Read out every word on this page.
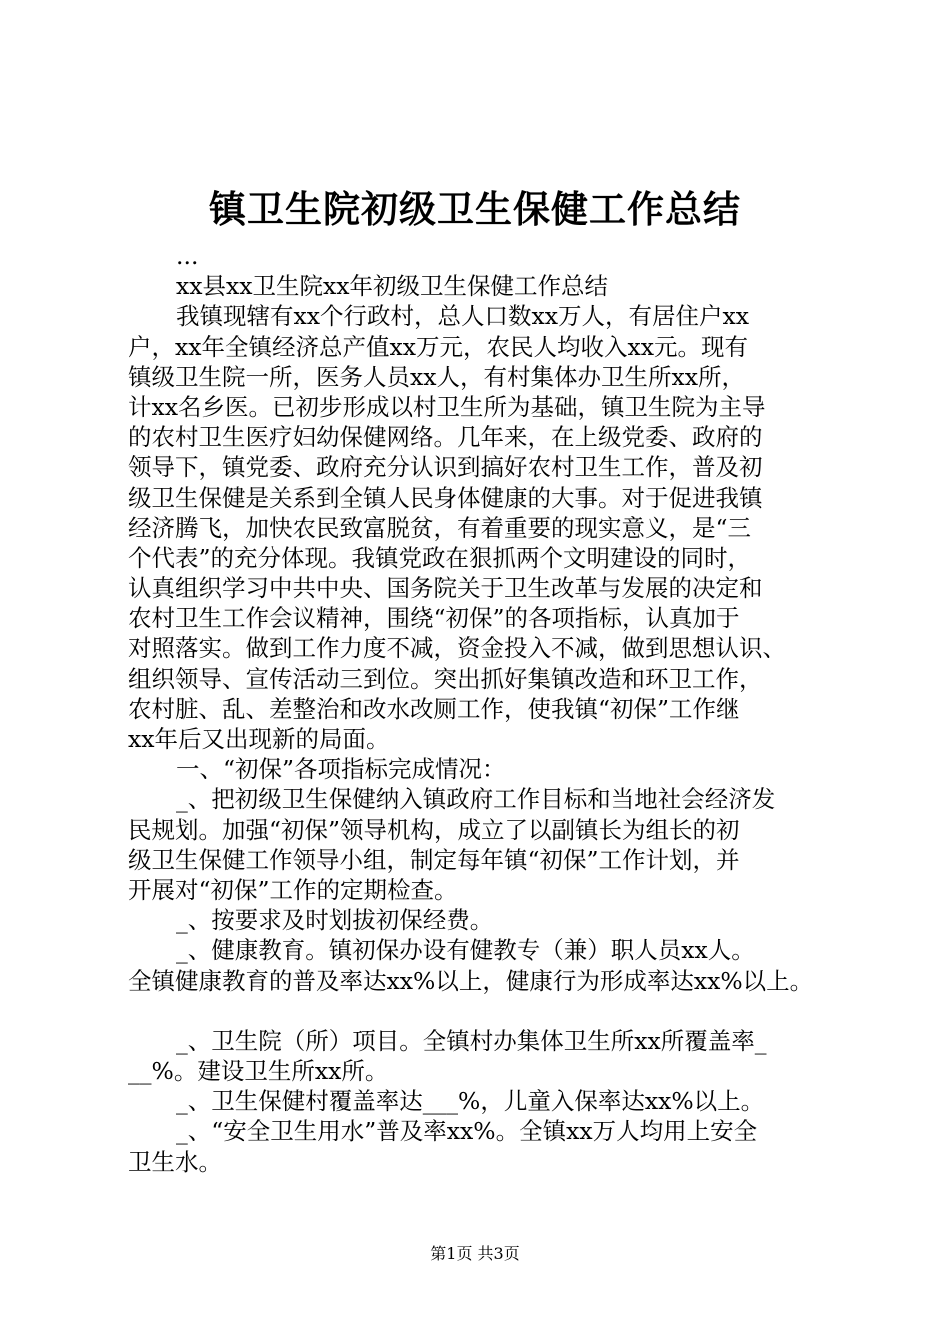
镇卫生院初级卫生保健工作总结
...
xx县xx卫生院xx年初级卫生保健工作总结
我镇现辖有xx个行政村，总人口数xx万人，有居住户xx
户，xx年全镇经济总产值xx万元，农民人均收入xx元。现有
镇级卫生院一所，医务人员xx人，有村集体办卫生所xx所，
计xx名乡医。已初步形成以村卫生所为基础，镇卫生院为主导
的农村卫生医疗妇幼保健网络。几年来，在上级党委、政府的
领导下，镇党委、政府充分认识到搞好农村卫生工作，普及初
级卫生保健是关系到全镇人民身体健康的大事。对于促进我镇
经济腾飞，加快农民致富脱贫，有着重要的现实意义，是“三
个代表”的充分体现。我镇党政在狠抓两个文明建设的同时，
认真组织学习中共中央、国务院关于卫生改革与发展的决定和
农村卫生工作会议精神，围绕“初保”的各项指标，认真加于
对照落实。做到工作力度不减，资金投入不减，做到思想认识、
组织领导、宣传活动三到位。突出抓好集镇改造和环卫工作，
农村脏、乱、差整治和改水改厕工作，使我镇“初保”工作继
xx年后又出现新的局面。
一、“初保”各项指标完成情况：
_、把初级卫生保健纳入镇政府工作目标和当地社会经济发
民规划。加强“初保”领导机构，成立了以副镇长为组长的初
级卫生保健工作领导小组，制定每年镇“初保”工作计划，并
开展对“初保”工作的定期检查。
_、按要求及时划拔初保经费。
_、健康教育。镇初保办设有健教专（兼）职人员xx人。
全镇健康教育的普及率达xx%以上，健康行为形成率达xx%以上。
_、卫生院（所）项目。全镇村办集体卫生所xx所覆盖率_
__%。建设卫生所xx所。
_、卫生保健村覆盖率达___%，儿童入保率达xx%以上。
_、“安全卫生用水”普及率xx%。全镇xx万人均用上安全
卫生水。
第1页 共3页
